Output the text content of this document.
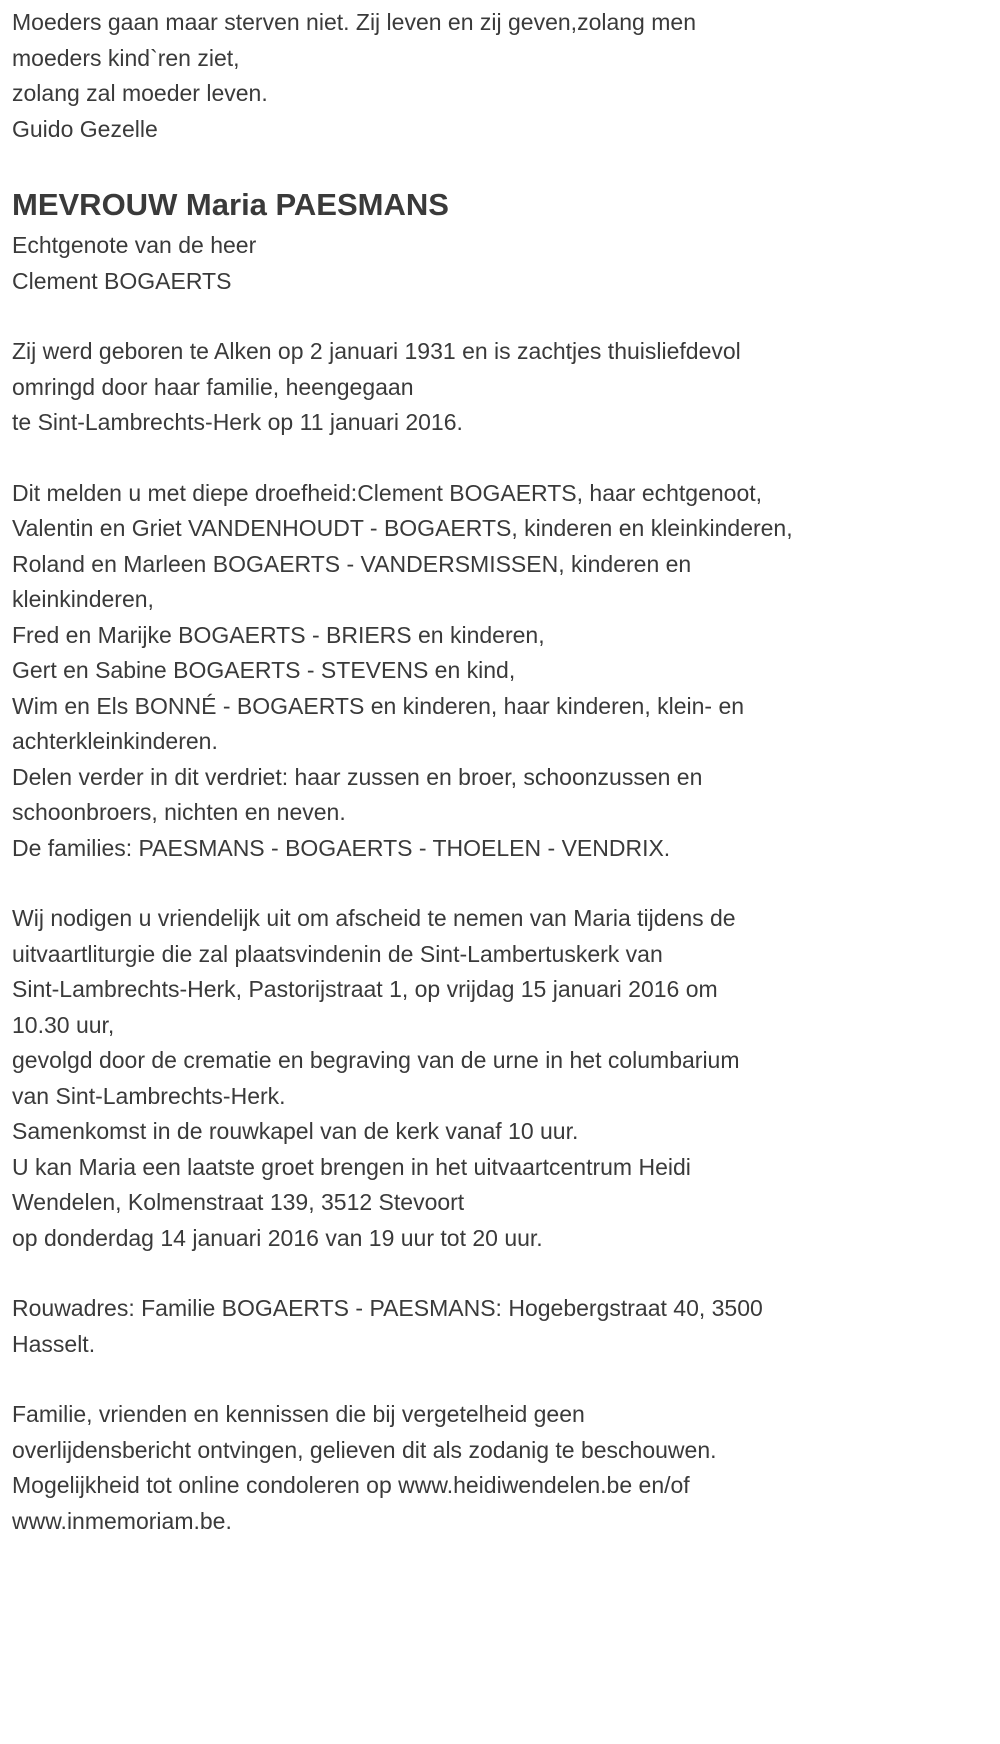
Moeders gaan maar sterven niet. Zij leven en zij geven,zolang men
moeders kind`ren ziet,
zolang zal moeder leven.
Guido Gezelle
MEVROUW Maria PAESMANS
Echtgenote van de heer
Clement BOGAERTS
Zij werd geboren te Alken op 2 januari 1931 en is zachtjes thuisliefdevol
omringd door haar familie, heengegaan
te Sint-Lambrechts-Herk op 11 januari 2016.
Dit melden u met diepe droefheid:Clement BOGAERTS, haar echtgenoot,
Valentin en Griet VANDENHOUDT - BOGAERTS, kinderen en kleinkinderen,
Roland en Marleen BOGAERTS - VANDERSMISSEN, kinderen en
kleinkinderen,
Fred en Marijke BOGAERTS - BRIERS en kinderen,
Gert en Sabine BOGAERTS - STEVENS en kind,
Wim en Els BONNÉ - BOGAERTS en kinderen, haar kinderen, klein- en
achterkleinkinderen.
Delen verder in dit verdriet: haar zussen en broer, schoonzussen en
schoonbroers, nichten en neven.
De families: PAESMANS - BOGAERTS - THOELEN - VENDRIX.
Wij nodigen u vriendelijk uit om afscheid te nemen van Maria tijdens de
uitvaartliturgie die zal plaatsvindenin de Sint-Lambertuskerk van
Sint-Lambrechts-Herk, Pastorijstraat 1, op vrijdag 15 januari 2016 om
10.30 uur,
gevolgd door de crematie en begraving van de urne in het columbarium
van Sint-Lambrechts-Herk.
Samenkomst in de rouwkapel van de kerk vanaf 10 uur.
U kan Maria een laatste groet brengen in het uitvaartcentrum Heidi
Wendelen, Kolmenstraat 139, 3512 Stevoort
op donderdag 14 januari 2016 van 19 uur tot 20 uur.
Rouwadres: Familie BOGAERTS - PAESMANS: Hogebergstraat 40, 3500
Hasselt.
Familie, vrienden en kennissen die bij vergetelheid geen
overlijdensbericht ontvingen, gelieven dit als zodanig te beschouwen.
Mogelijkheid tot online condoleren op www.heidiwendelen.be en/of
www.inmemoriam.be.
